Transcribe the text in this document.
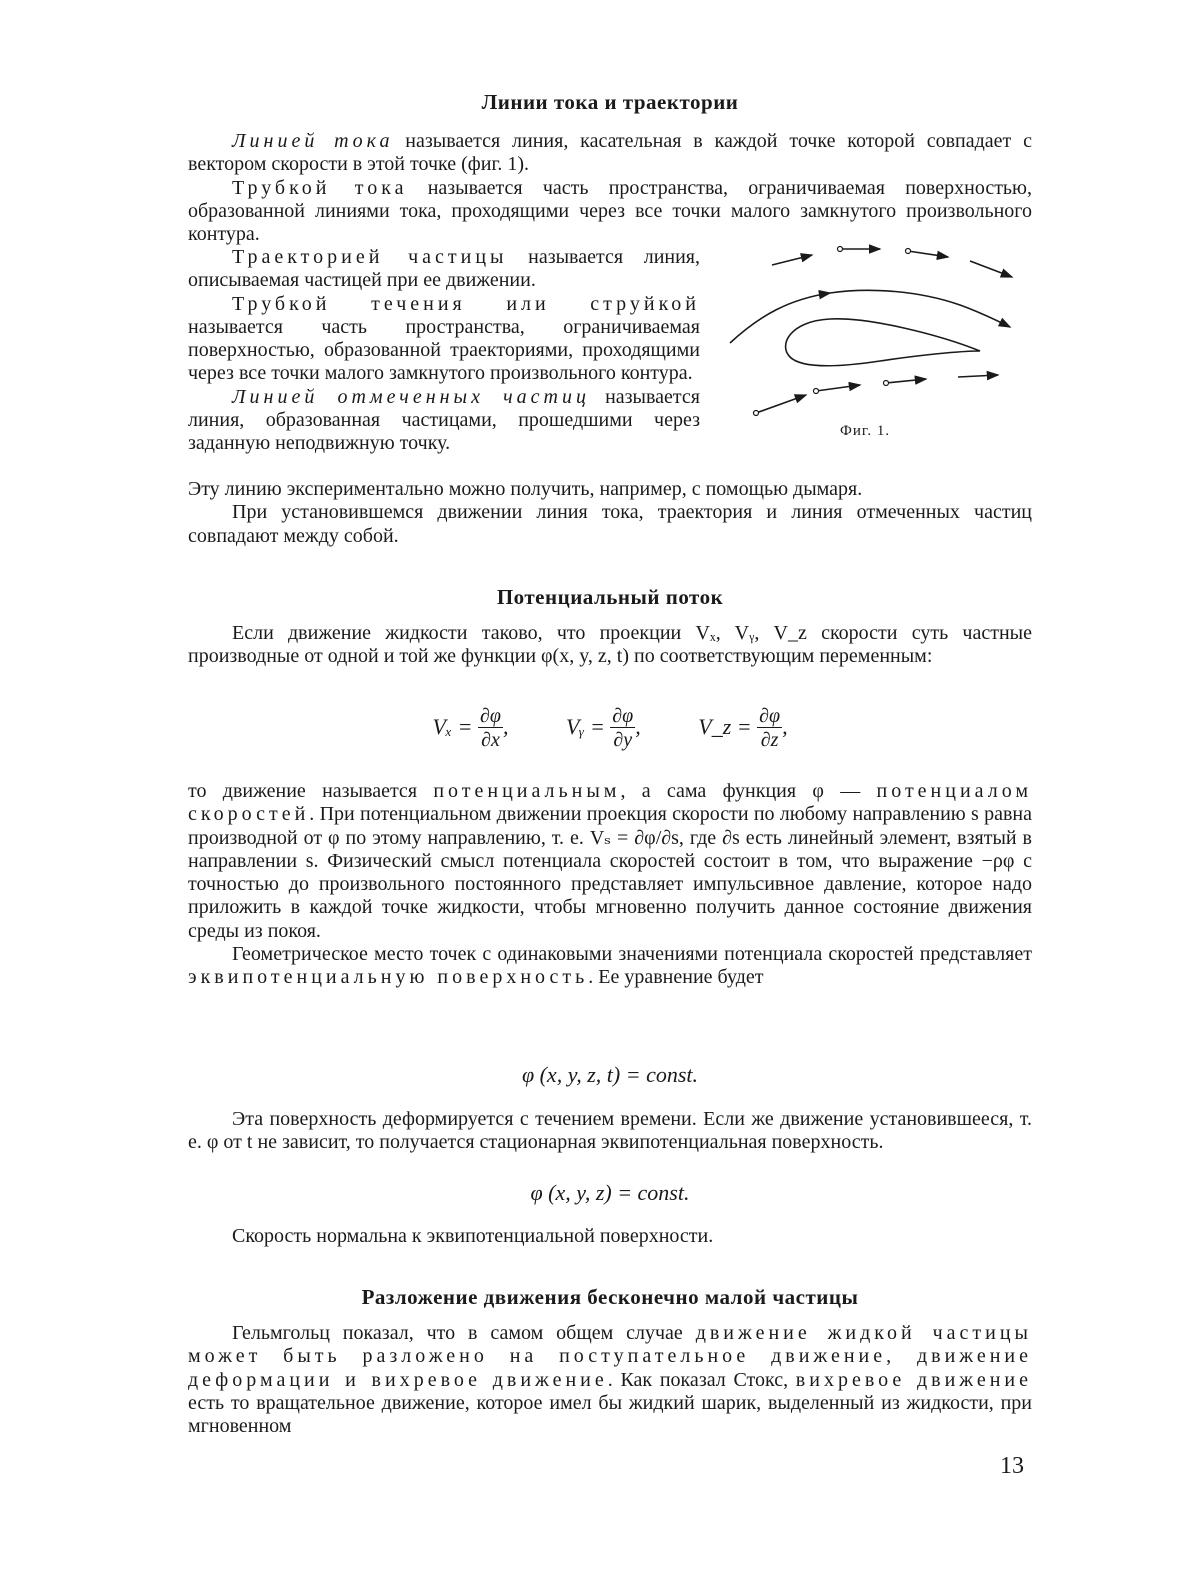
Линии тока и траектории

Линией тока называется линия, касательная в каждой точке которой совпадает с вектором скорости в этой точке (фиг. 1).

Трубкой тока называется часть пространства, ограничиваемая поверхностью, образованной линиями тока, проходящими через все точки малого замкнутого произвольного контура.

Траекторией частицы называется линия, описываемая частицей при ее движении.

Трубкой течения или струйкой называется часть пространства, ограничиваемая поверхностью, образованной траекториями, проходящими через все точки малого замкнутого произвольного контура.

Линией отмеченных частиц называется линия, образованная частицами, прошедшими через заданную неподвижную точку.

Эту линию экспериментально можно получить, например, с помощью дымаря.

При установившемся движении линия тока, траектория и линия отмеченных частиц совпадают между собой.

Потенциальный поток

Если движение жидкости таково, что проекции Vₓ, Vᵧ, V_z скорости суть частные производные от одной и той же функции φ(x, y, z, t) по соответствующим переменным:

$V_x = \frac{\partial\varphi}{\partial x}$ ,	Vᵧ = $\frac{\partial\varphi}{\partial y}$ ,	V_z = $\frac{\partial\varphi}{\partial z}$ ,

то движение называется потенциальным, а сама функция φ — потенциалом скоростей. При потенциальном движении проекция скорости по любому направлению s равна производной от φ по этому направлению, т. е. Vₛ = ∂φ/∂s, где ∂s есть линейный элемент, взятый в направлении s. Физический смысл потенциала скоростей состоит в том, что выражение −ρφ с точностью до произвольного постоянного представляет импульсивное давление, которое надо приложить в каждой точке жидкости, чтобы мгновенно получить данное состояние движения среды из покоя.

Геометрическое место точек с одинаковыми значениями потенциала скоростей представляет эквипотенциальную поверхность. Ее уравнение будет

φ (x, y, z, t) = const.

Эта поверхность деформируется с течением времени. Если же движение установившееся, т. е. φ от t не зависит, то получается стационарная эквипотенциальная поверхность.

φ (x, y, z) = const.

Скорость нормальна к эквипотенциальной поверхности.

Разложение движения бесконечно малой частицы

Гельмгольц показал, что в самом общем случае движение жидкой частицы может быть разложено на поступательное движение, движение деформации и вихревое движение. Как показал Стокс, вихревое движение есть то вращательное движение, которое имел бы жидкий шарик, выделенный из жидкости, при мгновенном

Фиг. 1.
13
